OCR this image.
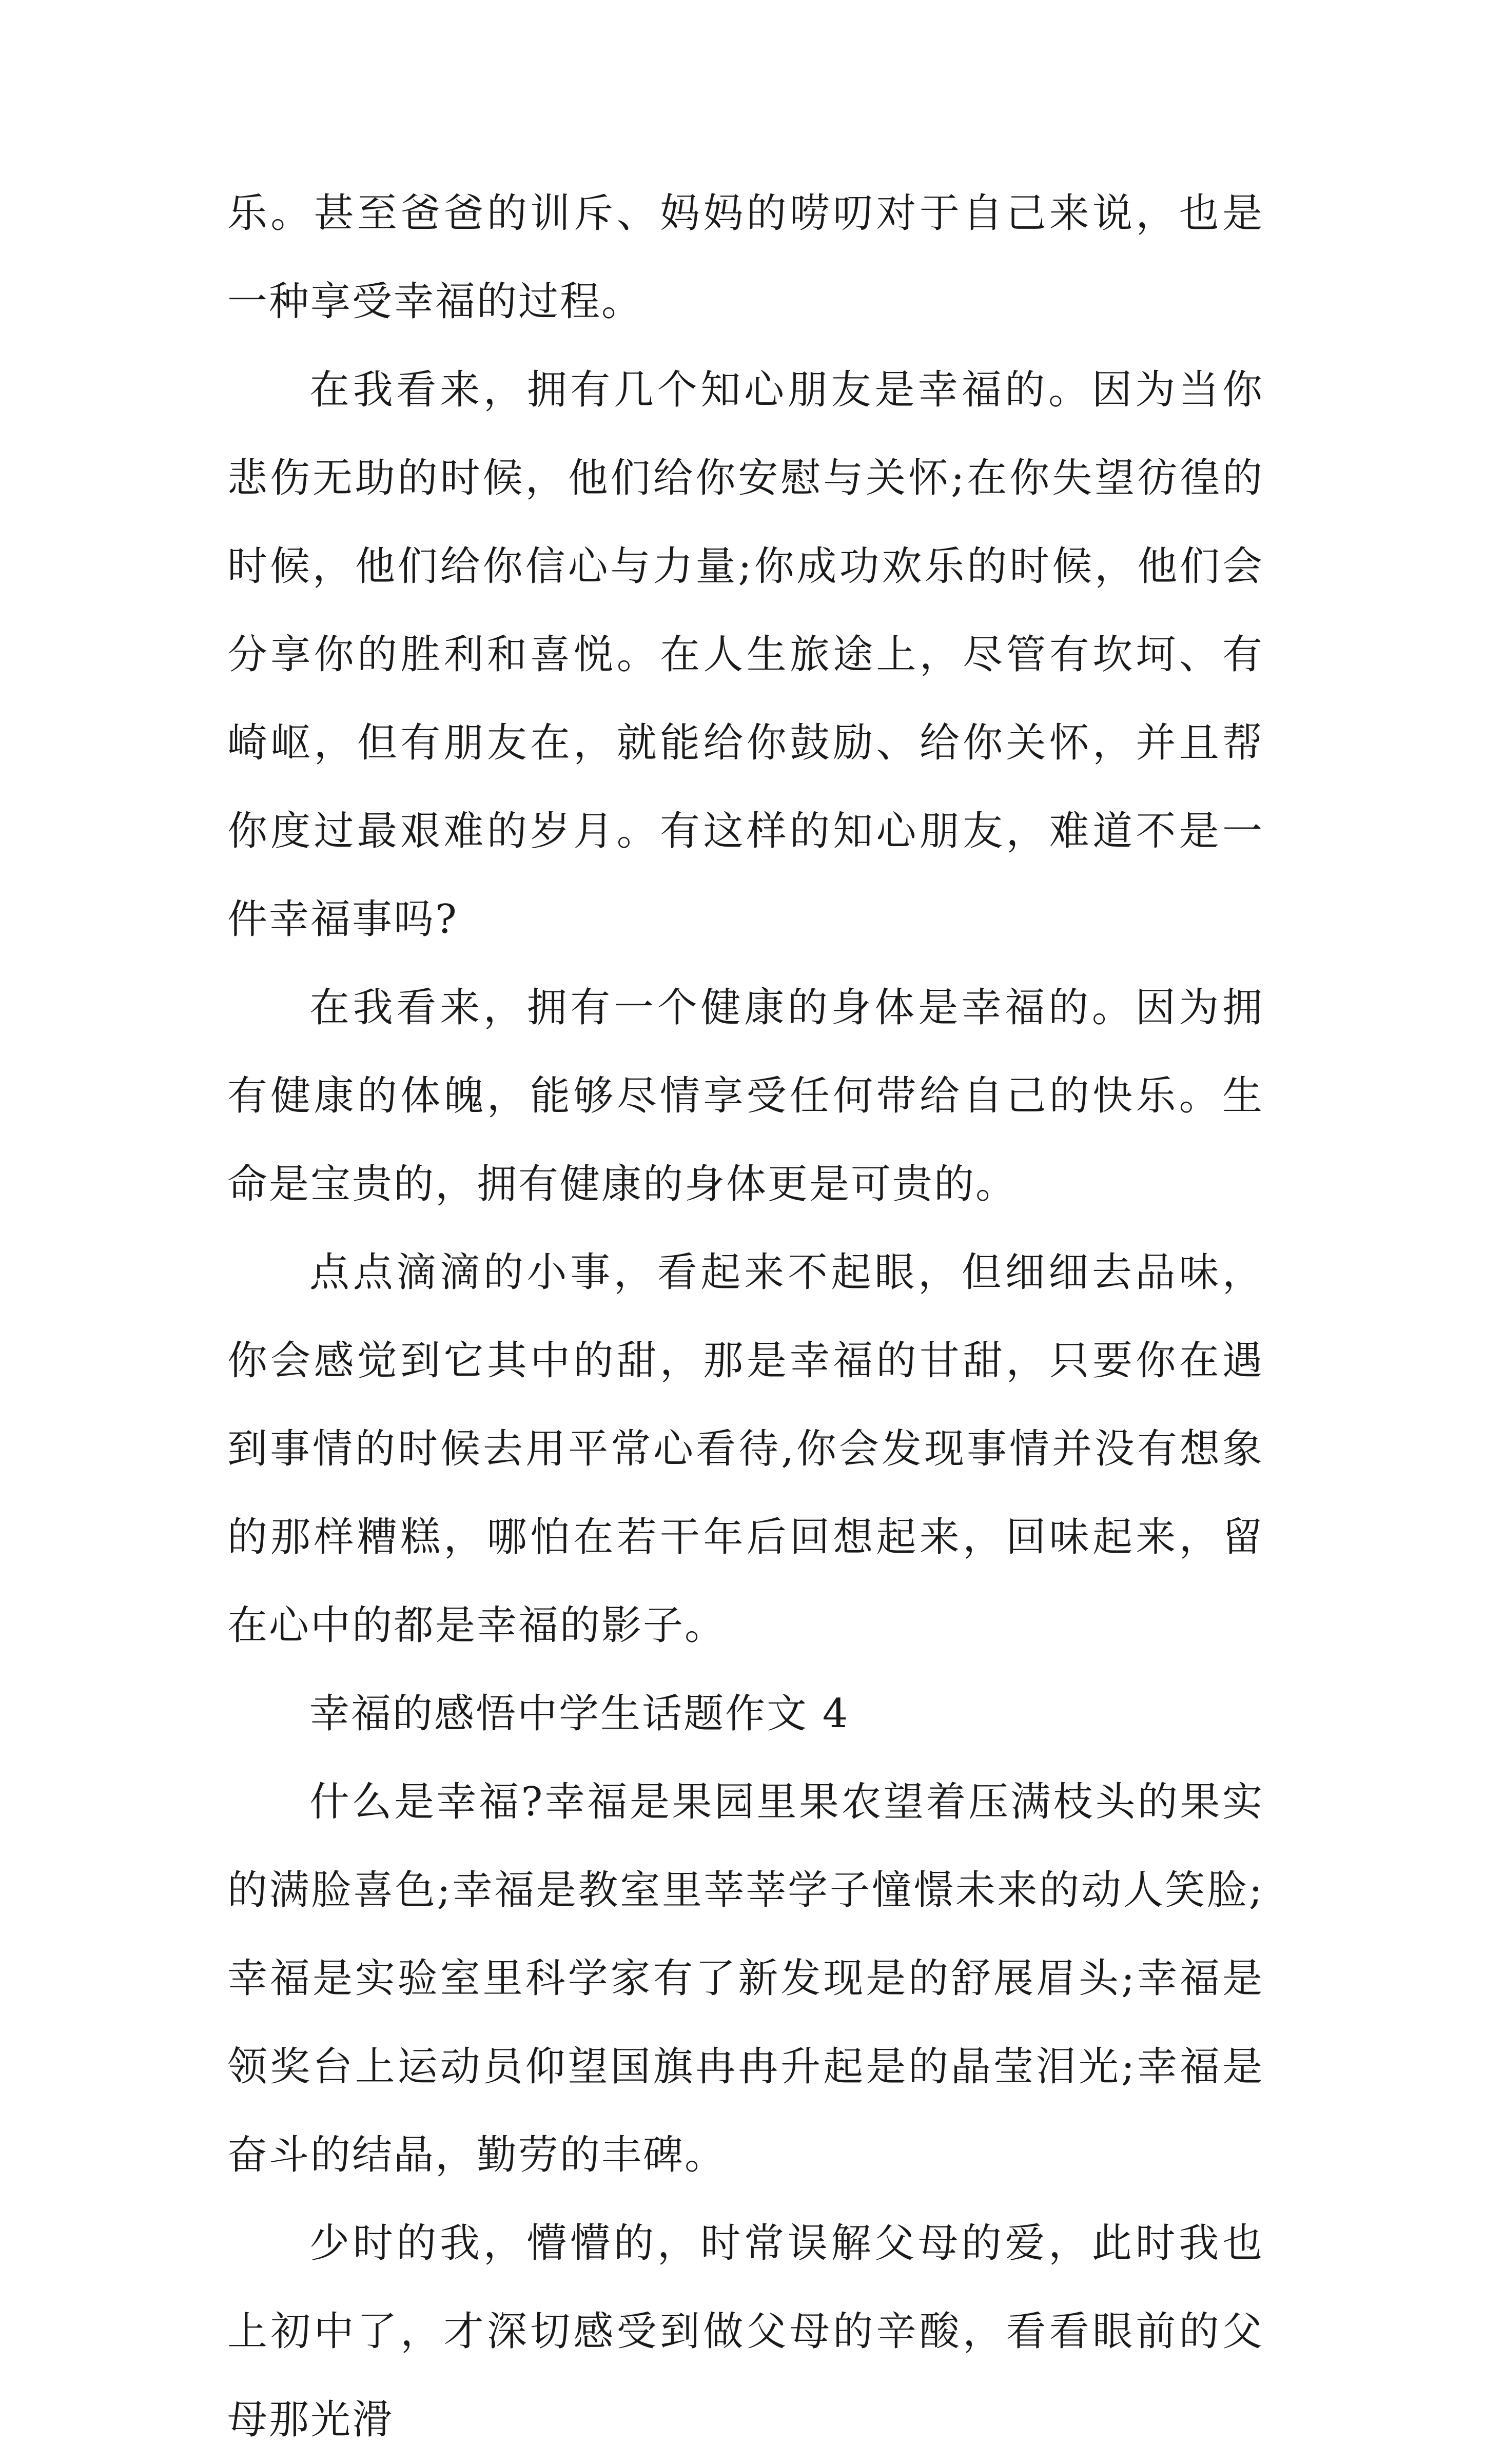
乐。甚至爸爸的训斥、妈妈的唠叨对于自己来说，也是一种享受幸福的过程。

在我看来，拥有几个知心朋友是幸福的。因为当你悲伤无助的时候，他们给你安慰与关怀;在你失望彷徨的时候，他们给你信心与力量;你成功欢乐的时候，他们会分享你的胜利和喜悦。在人生旅途上，尽管有坎坷、有崎岖，但有朋友在，就能给你鼓励、给你关怀，并且帮你度过最艰难的岁月。有这样的知心朋友，难道不是一件幸福事吗?

在我看来，拥有一个健康的身体是幸福的。因为拥有健康的体魄，能够尽情享受任何带给自己的快乐。生命是宝贵的，拥有健康的身体更是可贵的。

点点滴滴的小事，看起来不起眼，但细细去品味，你会感觉到它其中的甜，那是幸福的甘甜，只要你在遇到事情的时候去用平常心看待,你会发现事情并没有想象的那样糟糕，哪怕在若干年后回想起来，回味起来，留在心中的都是幸福的影子。

幸福的感悟中学生话题作文 4

什么是幸福?幸福是果园里果农望着压满枝头的果实的满脸喜色;幸福是教室里莘莘学子憧憬未来的动人笑脸;幸福是实验室里科学家有了新发现是的舒展眉头;幸福是领奖台上运动员仰望国旗冉冉升起是的晶莹泪光;幸福是奋斗的结晶，勤劳的丰碑。

少时的我，懵懵的，时常误解父母的爱，此时我也上初中了，才深切感受到做父母的辛酸，看看眼前的父母那光滑
